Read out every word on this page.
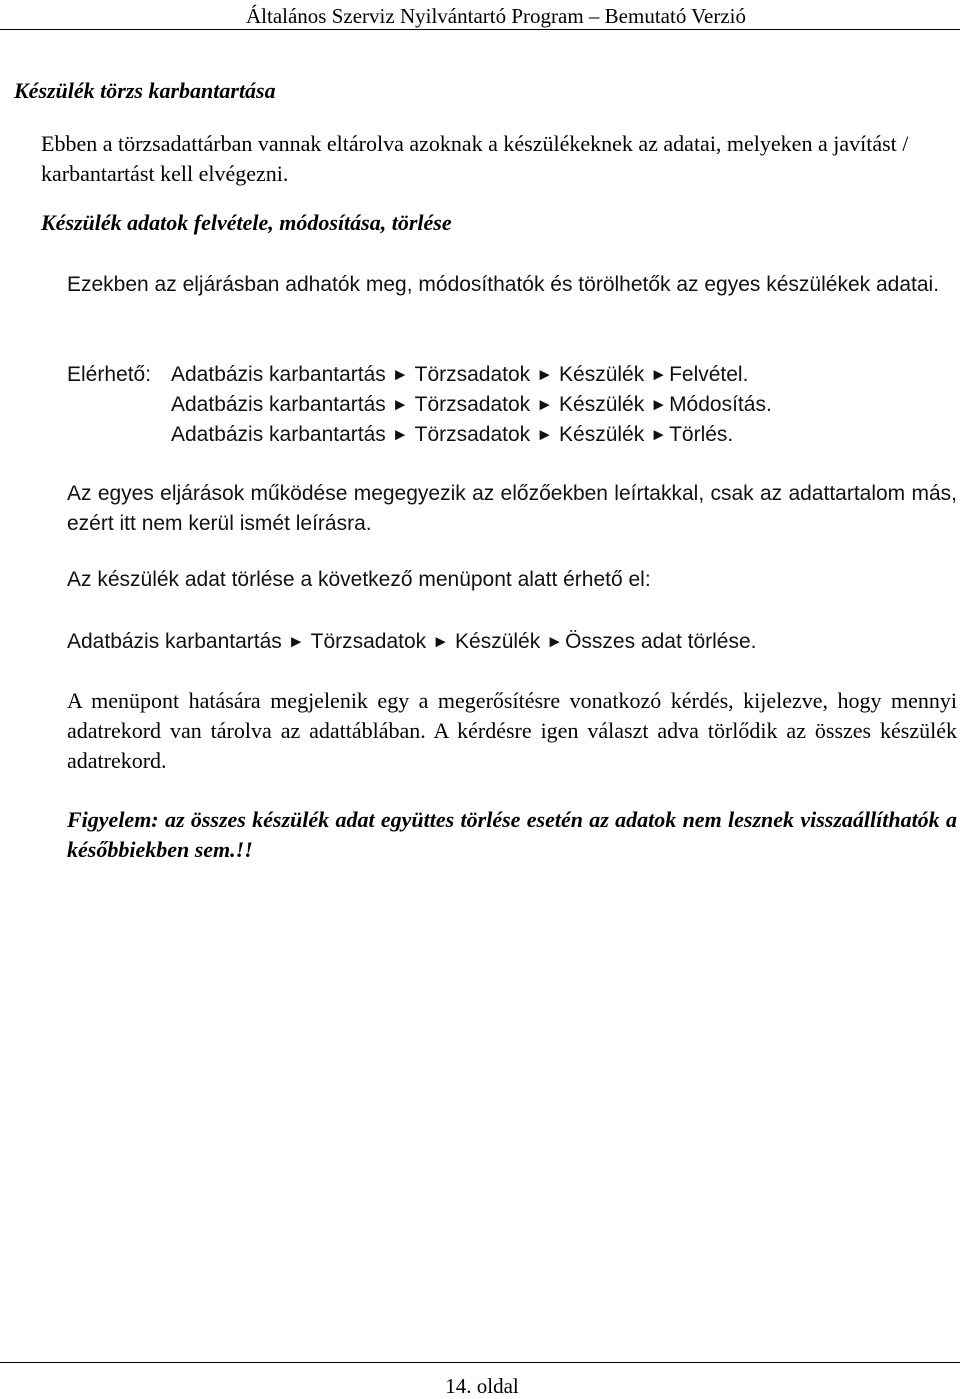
Általános Szerviz Nyilvántartó Program – Bemutató Verzió
Készülék törzs karbantartása
Ebben a törzsadattárban vannak eltárolva azoknak a készülékeknek az adatai, melyeken a javítást / karbantartást kell elvégezni.
Készülék adatok felvétele, módosítása, törlése
Ezekben az eljárásban adhatók meg, módosíthatók és törölhetők az egyes készülékek adatai.
Elérhető: Adatbázis karbantartás ► Törzsadatok ► Készülék ►Felvétel.
Adatbázis karbantartás ► Törzsadatok ► Készülék ►Módosítás.
Adatbázis karbantartás ► Törzsadatok ► Készülék ►Törlés.
Az egyes eljárások működése megegyezik az előzőekben leírtakkal, csak az adattartalom más, ezért itt nem kerül ismét leírásra.
Az készülék adat törlése a következő menüpont alatt érhető el:
Adatbázis karbantartás ► Törzsadatok ► Készülék ►Összes adat törlése.
A menüpont hatására megjelenik egy a megerősítésre vonatkozó kérdés, kijelezve, hogy mennyi adatrekord van tárolva az adattáblában. A kérdésre igen választ adva törlődik az összes készülék adatrekord.
Figyelem: az összes készülék adat együttes törlése esetén az adatok nem lesznek visszaállíthatók a későbbiekben sem.!!
14. oldal
